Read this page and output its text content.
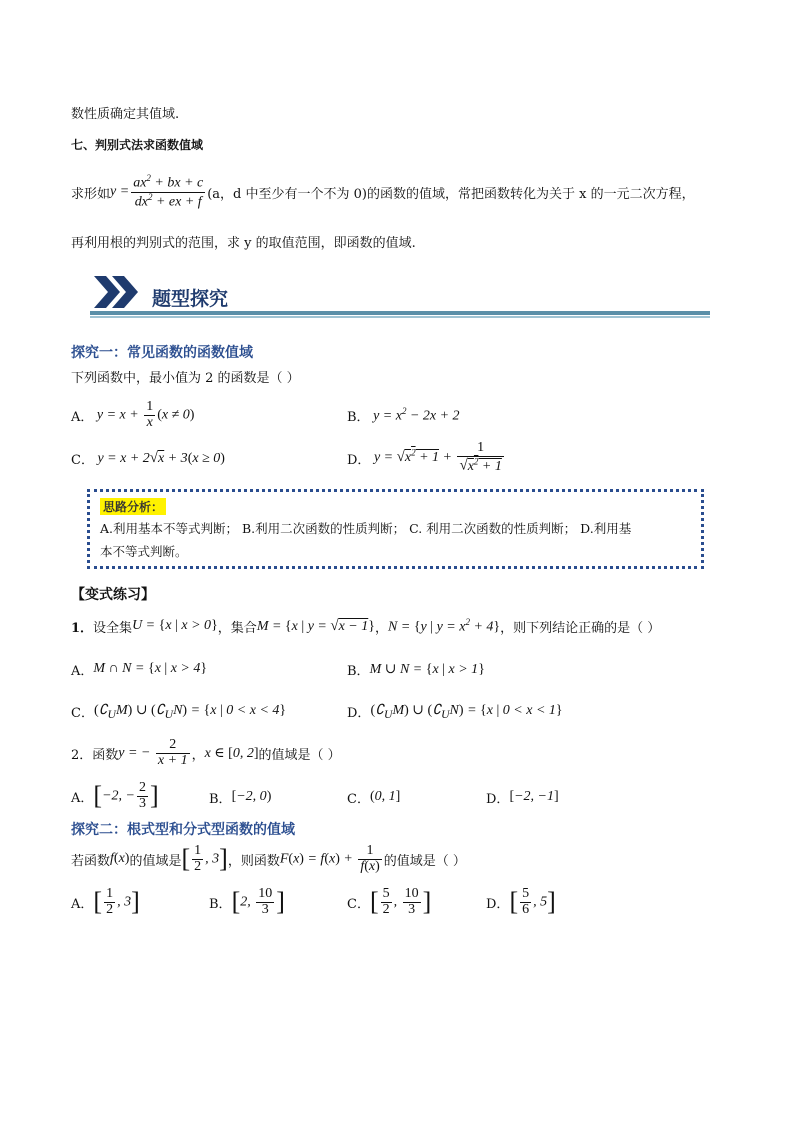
数性质确定其值域.
七、判别式法求函数值域
求形如 $y = \frac{ax^2 + bx + c}{dx^2 + ex + f} (a$，d 中至少有一个不为 0)的函数的值域，常把函数转化为关于 x 的一元二次方程，
再利用根的判别式的范围，求 y 的取值范围，即函数的值域.
题型探究
探究一：常见函数的函数值域
下列函数中，最小值为 2 的函数是（ ）
A． $y = x + \frac{1}{x} (x \ne 0)$	B． $y = x^2 - 2x + 2$
C． y = x + 2√x + 3(x ≥ 0)	D． $y = √x^2 + 1 + \frac{1}{√x^2 + 1}$
思路分析：
A.利用基本不等式判断； B.利用二次函数的性质判断； C. 利用二次函数的性质判断； D.利用基
本不等式判断。
【变式练习】
1． 设全集 U = {x | x > 0} ，集合 M = {x | y = √x − 1} ， N = {y | $y = x^2 + 4$} ，则下列结论正确的是（ ）
A． M ∩ N = {x | x > 4}	B． M ∪ N = {x | x > 1}
C． $(∁_UM)$ ∪ $(∁_UN) = \{x$ | 0 < x < 4}	D． $(∁_UM)$ ∪ $(∁_UN) = \{x$ | 0 < x < 1}
2． 函数 y = − $\frac{2}{x + 1}$ ， x ∈ [0, 2] 的值域是（ ）
A． [−2, − $\frac{2}{3}$ ]	B． [−2, 0)	C． (0, 1]	D． [−2, −1]
探究二：根式型和分式型函数的值域
若函数 f(x) 的值域是 [ $\frac{1}{2}$ , 3] ，则函数 $F(x) = f(x) + \frac{1}{f(x)}$ 的值域是（ ）
A． [ $\frac{1}{2}$ , 3]	B． [2, $\frac{10}{3}$ ]	C． [ $\frac{5}{2}$ , $\frac{10}{3}$ ]	D． [ $\frac{5}{6}$ , 5]
